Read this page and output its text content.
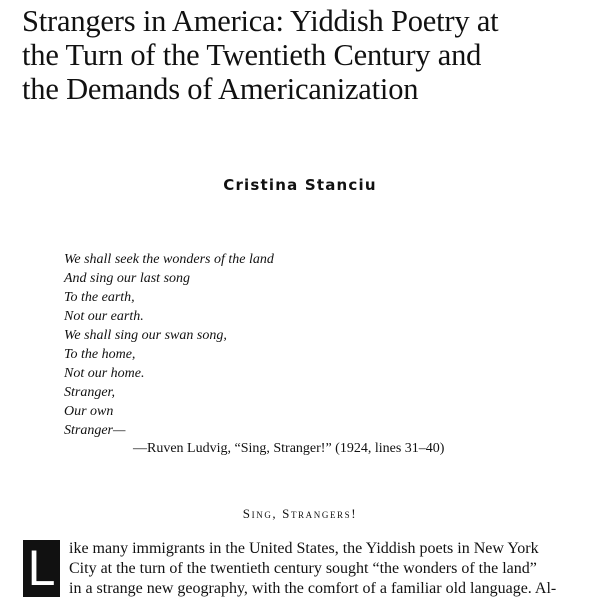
Strangers in America: Yiddish Poetry at
the Turn of the Twentieth Century and
the Demands of Americanization
Cristina Stanciu
We shall seek the wonders of the land
And sing our last song
To the earth,
Not our earth.
We shall sing our swan song,
To the home,
Not our home.
Stranger,
Our own
Stranger—
—Ruven Ludvig, “Sing, Stranger!” (1924, lines 31–40)
Sing, Strangers!
L ike many immigrants in the United States, the Yiddish poets in New York
City at the turn of the twentieth century sought “the wonders of the land”
in a strange new geography, with the comfort of a familiar old language. Al-
